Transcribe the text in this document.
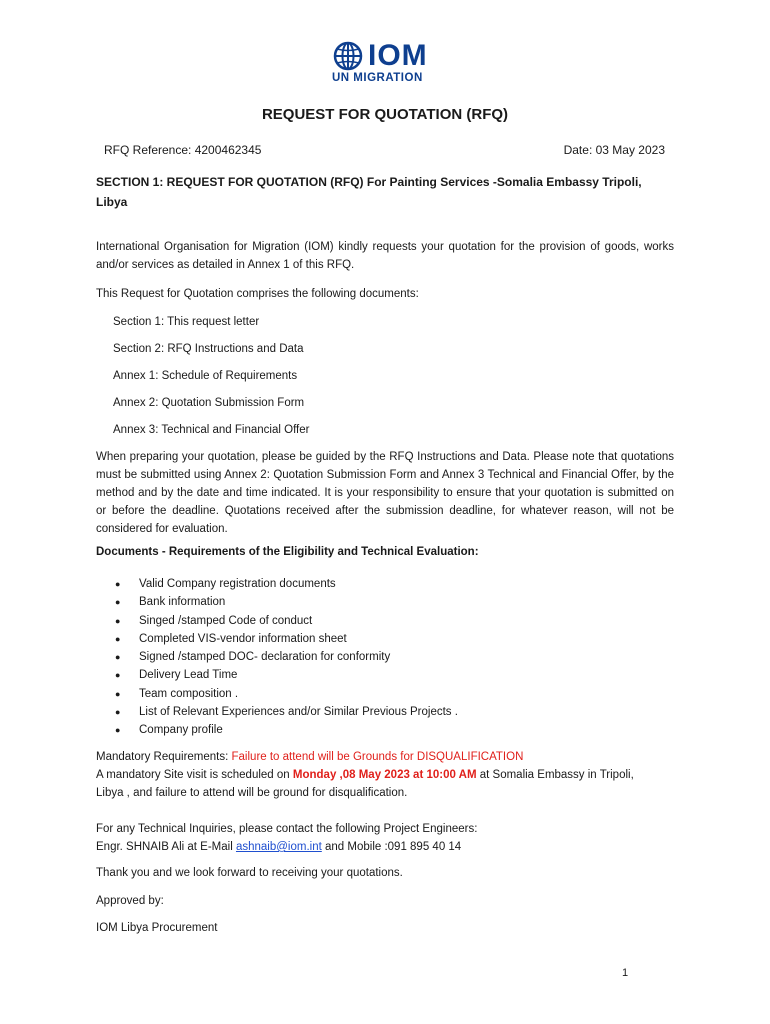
IOM
UN MIGRATION
REQUEST FOR QUOTATION (RFQ)
RFQ Reference: 4200462345	Date: 03 May 2023
SECTION 1: REQUEST FOR QUOTATION (RFQ) For Painting Services -Somalia Embassy Tripoli, Libya
International Organisation for Migration (IOM) kindly requests your quotation for the provision of goods, works and/or services as detailed in Annex 1 of this RFQ.
This Request for Quotation comprises the following documents:
Section 1: This request letter
Section 2: RFQ Instructions and Data
Annex 1: Schedule of Requirements
Annex 2: Quotation Submission Form
Annex 3: Technical and Financial Offer
When preparing your quotation, please be guided by the RFQ Instructions and Data. Please note that quotations must be submitted using Annex 2: Quotation Submission Form and Annex 3 Technical and Financial Offer, by the method and by the date and time indicated. It is your responsibility to ensure that your quotation is submitted on or before the deadline. Quotations received after the submission deadline, for whatever reason, will not be considered for evaluation.
Documents - Requirements of the Eligibility and Technical Evaluation:
●	Valid Company registration documents
●	Bank information
●	Singed /stamped Code of conduct
●	Completed VIS-vendor information sheet
●	Signed /stamped DOC- declaration for conformity
●	Delivery Lead Time
●	Team composition .
●	List of Relevant Experiences and/or Similar Previous Projects .
●	Company profile
Mandatory Requirements: Failure to attend will be Grounds for DISQUALIFICATION
A mandatory Site visit is scheduled on Monday ,08 May 2023 at 10:00 AM at Somalia Embassy in Tripoli,
Libya , and failure to attend will be ground for disqualification.
For any Technical Inquiries, please contact the following Project Engineers:
Engr. SHNAIB Ali at E-Mail ashnaib@iom.int and Mobile :091 895 40 14
Thank you and we look forward to receiving your quotations.
Approved by:
IOM Libya Procurement
1
